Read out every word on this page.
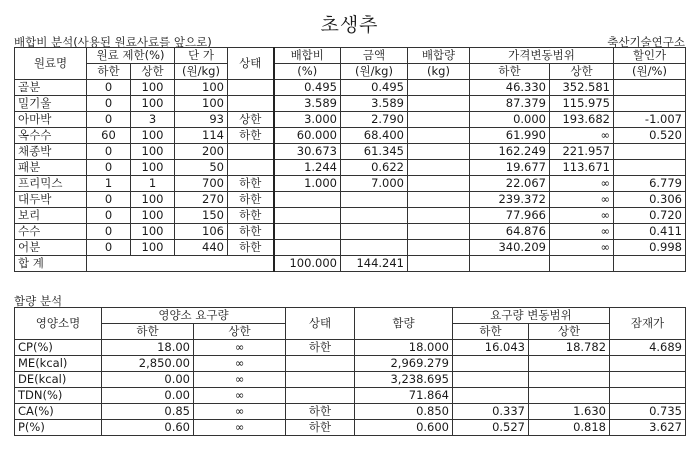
초생추
배합비 분석(사용된 원료사료를 앞으로)	축산기술연구소
원료명	원료 제한(%)		단 가	상태	배합비	금액	배합량	가격변동범위		할인가
	하한	상한	(원/kg)		(%)	(원/kg)	(kg)	하한	상한	(원/%)
골분	0	100	100		0.495	0.495		46.330	352.581	
밀기울	0	100	100		3.589	3.589		87.379	115.975	
아마박	0	3	93	상한	3.000	2.790		0.000	193.682	-1.007
옥수수	60	100	114	하한	60.000	68.400		61.990	∞	0.520
채종박	0	100	200		30.673	61.345		162.249	221.957	
패분	0	100	50		1.244	0.622		19.677	113.671	
프리믹스	1	1	700	하한	1.000	7.000		22.067	∞	6.779
대두박	0	100	270	하한				239.372	∞	0.306
보리	0	100	150	하한				77.966	∞	0.720
수수	0	100	106	하한				64.876	∞	0.411
어분	0	100	440	하한				340.209	∞	0.998
합 계					100.000	144.241				
함량 분석
영양소명	영양소 요구량		상태	함량	요구량 변동범위		잠재가
	하한	상한			하한	상한	
CP(%)	18.00	∞	하한	18.000	16.043	18.782	4.689
ME(kcal)	2,850.00	∞		2,969.279			
DE(kcal)	0.00	∞		3,238.695			
TDN(%)	0.00	∞		71.864			
CA(%)	0.85	∞	하한	0.850	0.337	1.630	0.735
P(%)	0.60	∞	하한	0.600	0.527	0.818	3.627
